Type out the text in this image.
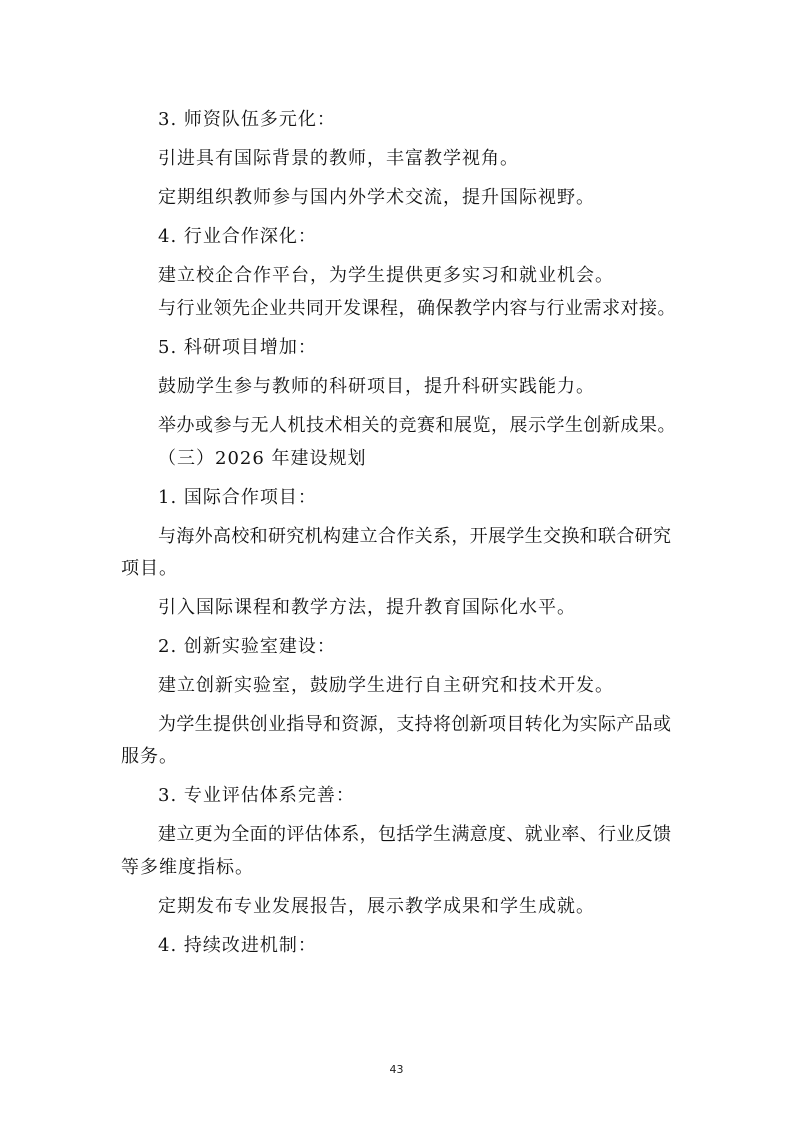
3. 师资队伍多元化：
引进具有国际背景的教师，丰富教学视角。
定期组织教师参与国内外学术交流，提升国际视野。
4. 行业合作深化：
建立校企合作平台，为学生提供更多实习和就业机会。
与行业领先企业共同开发课程，确保教学内容与行业需求对接。
5. 科研项目增加：
鼓励学生参与教师的科研项目，提升科研实践能力。
举办或参与无人机技术相关的竞赛和展览，展示学生创新成果。
（三）2026 年建设规划
1. 国际合作项目：
与海外高校和研究机构建立合作关系，开展学生交换和联合研究
项目。
引入国际课程和教学方法，提升教育国际化水平。
2. 创新实验室建设：
建立创新实验室，鼓励学生进行自主研究和技术开发。
为学生提供创业指导和资源，支持将创新项目转化为实际产品或
服务。
3. 专业评估体系完善：
建立更为全面的评估体系，包括学生满意度、就业率、行业反馈
等多维度指标。
定期发布专业发展报告，展示教学成果和学生成就。
4. 持续改进机制：
43
